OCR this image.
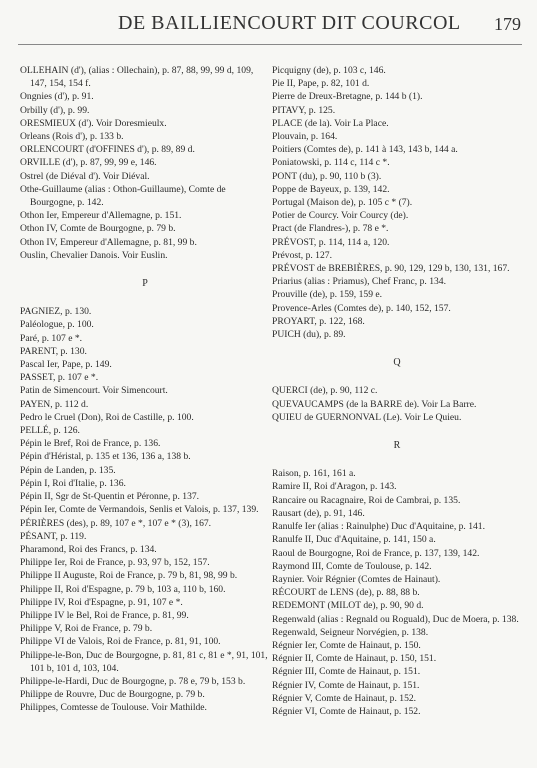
DE BAILLIENCOURT DIT COURCOL 179

OLLEHAIN (d'), (alias : Ollechain), p. 87, 88, 99, 99 d, 109, 147, 154, 154 f.

Ongnies (d'), p. 91.

Orbilly (d'), p. 99.

ORESMIEUX (d'). Voir Doresmieulx.

Orleans (Rois d'), p. 133 b.

ORLENCOURT (d'OFFINES d'), p. 89, 89 d.

ORVILLE (d'), p. 87, 99, 99 e, 146.

Ostrel (de Diéval d'). Voir Diéval.

Othe-Guillaume (alias : Othon-Guillaume), Comte de Bourgogne, p. 142.

Othon Ier, Empereur d'Allemagne, p. 151.

Othon IV, Comte de Bourgogne, p. 79 b.

Othon IV, Empereur d'Allemagne, p. 81, 99 b.

Ouslin, Chevalier Danois. Voir Euslin.

P

PAGNIEZ, p. 130.

Paléologue, p. 100.

Paré, p. 107 e *.

PARENT, p. 130.

Pascal Ier, Pape, p. 149.

PASSET, p. 107 e *.

Patin de Simencourt. Voir Simencourt.

PAYEN, p. 112 d.

Pedro le Cruel (Don), Roi de Castille, p. 100.

PELLÉ, p. 126.

Pépin le Bref, Roi de France, p. 136.

Pépin d'Héristal, p. 135 et 136, 136 a, 138 b.

Pépin de Landen, p. 135.

Pépin I, Roi d'Italie, p. 136.

Pépin II, Sgr de St-Quentin et Péronne, p. 137.

Pépin Ier, Comte de Vermandois, Senlis et Valois, p. 137, 139.

PÉRIÈRES (des), p. 89, 107 e *, 107 e * (3), 167.

PÉSANT, p. 119.

Pharamond, Roi des Francs, p. 134.

Philippe Ier, Roi de France, p. 93, 97 b, 152, 157.

Philippe II Auguste, Roi de France, p. 79 b, 81, 98, 99 b.

Philippe II, Roi d'Espagne, p. 79 b, 103 a, 110 b, 160.

Philippe IV, Roi d'Espagne, p. 91, 107 e *.

Philippe IV le Bel, Roi de France, p. 81, 99.

Philippe V, Roi de France, p. 79 b.

Philippe VI de Valois, Roi de France, p. 81, 91, 100.

Philippe-le-Bon, Duc de Bourgogne, p. 81, 81 c, 81 e *, 91, 101, 101 b, 101 d, 103, 104.

Philippe-le-Hardi, Duc de Bourgogne, p. 78 e, 79 b, 153 b.

Philippe de Rouvre, Duc de Bourgogne, p. 79 b.

Philippes, Comtesse de Toulouse. Voir Mathilde.

Picquigny (de), p. 103 c, 146.

Pie II, Pape, p. 82, 101 d.

Pierre de Dreux-Bretagne, p. 144 b (1).

PITAVY, p. 125.

PLACE (de la). Voir La Place.

Plouvain, p. 164.

Poitiers (Comtes de), p. 141 à 143, 143 b, 144 a.

Poniatowski, p. 114 c, 114 c *.

PONT (du), p. 90, 110 b (3).

Poppe de Bayeux, p. 139, 142.

Portugal (Maison de), p. 105 c * (7).

Potier de Courcy. Voir Courcy (de).

Pract (de Flandres-), p. 78 e *.

PRÉVOST, p. 114, 114 a, 120.

Prévost, p. 127.

PRÉVOST de BREBIÈRES, p. 90, 129, 129 b, 130, 131, 167.

Priarius (alias : Priamus), Chef Franc, p. 134.

Prouville (de), p. 159, 159 e.

Provence-Arles (Comtes de), p. 140, 152, 157.

PROYART, p. 122, 168.

PUICH (du), p. 89.

Q

QUERCI (de), p. 90, 112 c.

QUEVAUCAMPS (de la BARRE de). Voir La Barre.

QUIEU de GUERNONVAL (Le). Voir Le Quieu.

R

Raison, p. 161, 161 a.

Ramire II, Roi d'Aragon, p. 143.

Rancaire ou Racagnaire, Roi de Cambrai, p. 135.

Rausart (de), p. 91, 146.

Ranulfe Ier (alias : Rainulphe) Duc d'Aquitaine, p. 141.

Ranulfe II, Duc d'Aquitaine, p. 141, 150 a.

Raoul de Bourgogne, Roi de France, p. 137, 139, 142.

Raymond III, Comte de Toulouse, p. 142.

Raynier. Voir Régnier (Comtes de Hainaut).

RÉCOURT de LENS (de), p. 88, 88 b.

REDEMONT (MILOT de), p. 90, 90 d.

Regenwald (alias : Regnald ou Roguald), Duc de Moera, p. 138.

Regenwald, Seigneur Norvégien, p. 138.

Régnier Ier, Comte de Hainaut, p. 150.

Régnier II, Comte de Hainaut, p. 150, 151.

Régnier III, Comte de Hainaut, p. 151.

Régnier IV, Comte de Hainaut, p. 151.

Régnier V, Comte de Hainaut, p. 152.

Régnier VI, Comte de Hainaut, p. 152.
